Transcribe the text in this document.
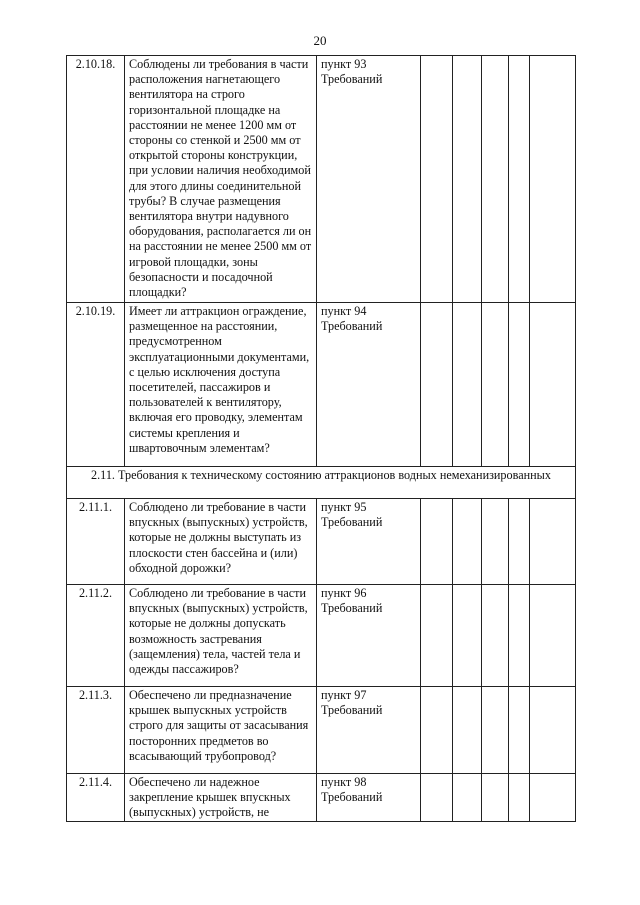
20
2.10.18.	Соблюдены ли требования в части расположения нагнетающего вентилятора на строго горизонтальной площадке на расстоянии не менее 1200 мм от стороны со стенкой и 2500 мм от открытой стороны конструкции, при условии наличия необходимой для этого длины соединительной трубы? В случае размещения вентилятора внутри надувного оборудования, располагается ли он на расстоянии не менее 2500 мм от игровой площадки, зоны безопасности и посадочной площадки?	пункт 93
Требований					

2.10.19.	Имеет ли аттракцион ограждение, размещенное на расстоянии, предусмотренном эксплуатационными документами, с целью исключения доступа посетителей, пассажиров и пользователей к вентилятору, включая его проводку, элементам системы крепления и швартовочным элементам?	пункт 94
Требований					

2.11. Требования к техническому состоянию аттракционов водных немеханизированных							
2.11.1.	Соблюдено ли требование в части впускных (выпускных) устройств, которые не должны выступать из плоскости стен бассейна и (или) обходной дорожки?	пункт 95
Требований					

2.11.2.	Соблюдено ли требование в части впускных (выпускных) устройств, которые не должны допускать возможность застревания (защемления) тела, частей тела и одежды пассажиров?	пункт 96
Требований					

2.11.3.	Обеспечено ли предназначение крышек выпускных устройств строго для защиты от засасывания посторонних предметов во всасывающий трубопровод?	пункт 97
Требований					

2.11.4.	Обеспечено ли надежное закрепление крышек впускных (выпускных) устройств, не	пункт 98
Требований					
